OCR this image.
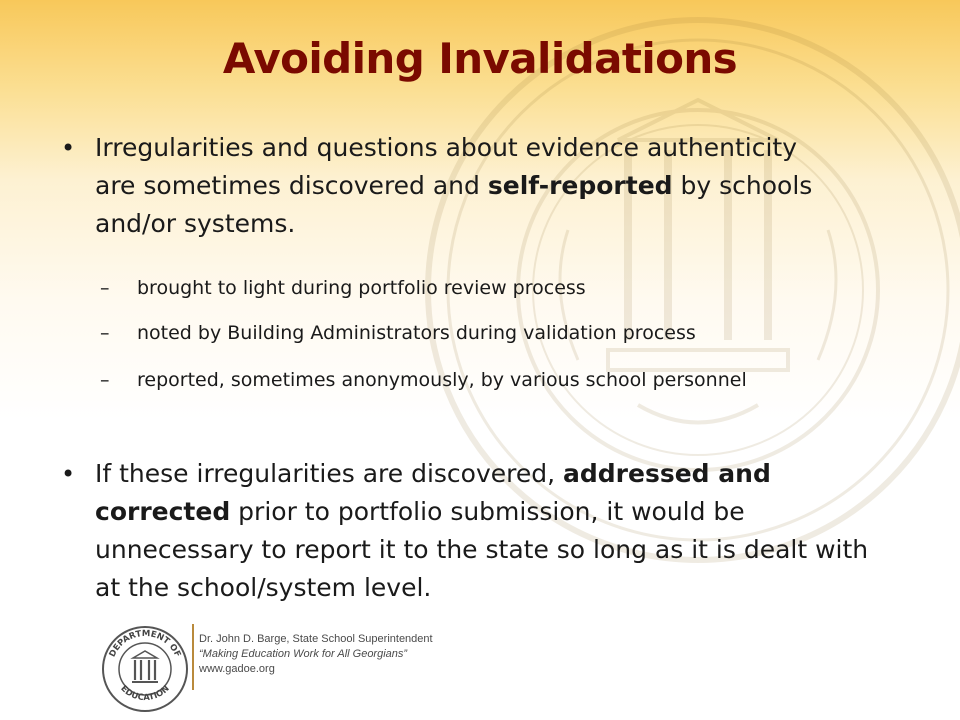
Avoiding Invalidations
• Irregularities and questions about evidence authenticity are sometimes discovered and self-reported by schools and/or systems.
– brought to light during portfolio review process
– noted by Building Administrators during validation process
– reported, sometimes anonymously, by various school personnel
• If these irregularities are discovered, addressed and corrected prior to portfolio submission, it would be unnecessary to report it to the state so long as it is dealt with at the school/system level.
DEPARTMENT OF
EDUCATION
Dr. John D. Barge, State School Superintendent
“Making Education Work for All Georgians”
www.gadoe.org
